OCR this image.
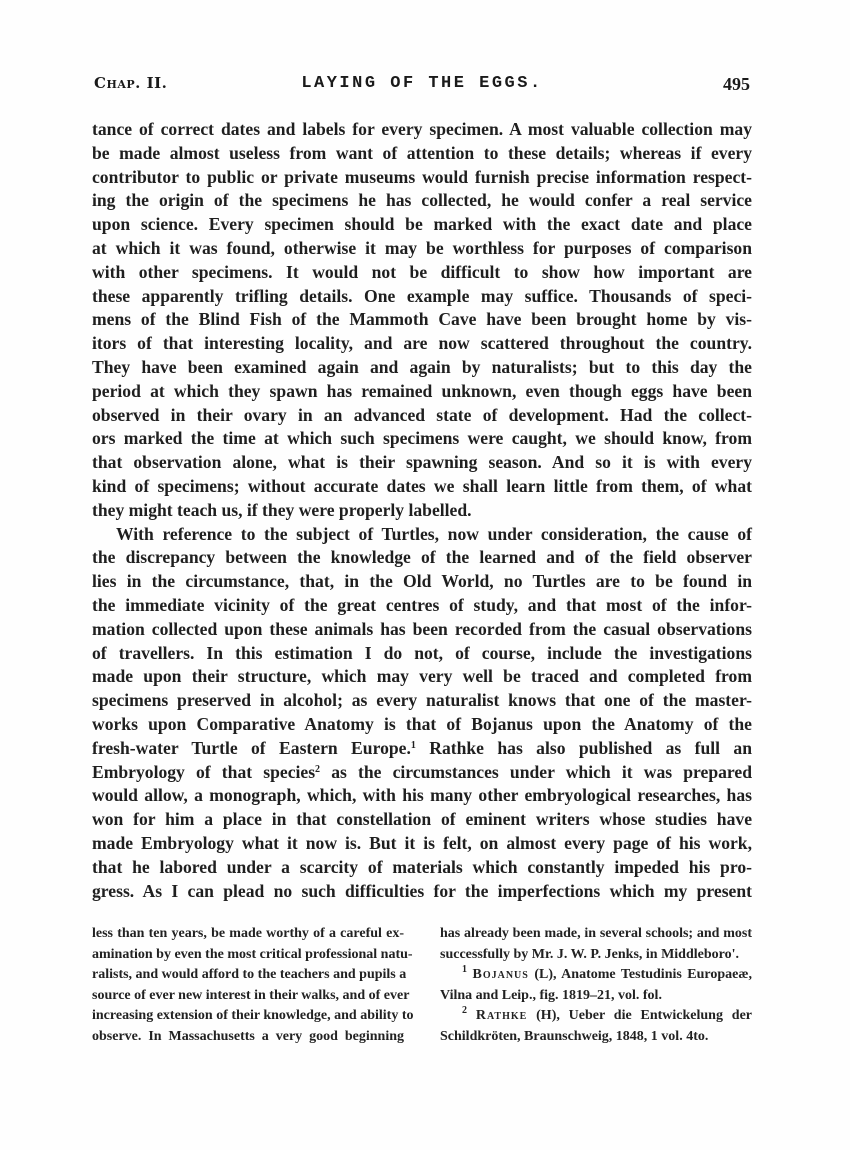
Chap. II.	LAYING OF THE EGGS.	495
tance of correct dates and labels for every specimen. A most valuable collection may
be made almost useless from want of attention to these details; whereas if every
contributor to public or private museums would furnish precise information respect-
ing the origin of the specimens he has collected, he would confer a real service
upon science. Every specimen should be marked with the exact date and place
at which it was found, otherwise it may be worthless for purposes of comparison
with other specimens. It would not be difficult to show how important are
these apparently trifling details. One example may suffice. Thousands of speci-
mens of the Blind Fish of the Mammoth Cave have been brought home by vis-
itors of that interesting locality, and are now scattered throughout the country.
They have been examined again and again by naturalists; but to this day the
period at which they spawn has remained unknown, even though eggs have been
observed in their ovary in an advanced state of development. Had the collect-
ors marked the time at which such specimens were caught, we should know, from
that observation alone, what is their spawning season. And so it is with every
kind of specimens; without accurate dates we shall learn little from them, of what
they might teach us, if they were properly labelled.
With reference to the subject of Turtles, now under consideration, the cause of
the discrepancy between the knowledge of the learned and of the field observer
lies in the circumstance, that, in the Old World, no Turtles are to be found in
the immediate vicinity of the great centres of study, and that most of the infor-
mation collected upon these animals has been recorded from the casual observations
of travellers. In this estimation I do not, of course, include the investigations
made upon their structure, which may very well be traced and completed from
specimens preserved in alcohol; as every naturalist knows that one of the master-
works upon Comparative Anatomy is that of Bojanus upon the Anatomy of the
fresh-water Turtle of Eastern Europe.$^1$ Rathke has also published as full an
Embryology of that species$^2$ as the circumstances under which it was prepared
would allow, a monograph, which, with his many other embryological researches, has
won for him a place in that constellation of eminent writers whose studies have
made Embryology what it now is. But it is felt, on almost every page of his work,
that he labored under a scarcity of materials which constantly impeded his pro-
gress. As I can plead no such difficulties for the imperfections which my present
less than ten years, be made worthy of a careful ex-
amination by even the most critical professional natu-
ralists, and would afford to the teachers and pupils a
source of ever new interest in their walks, and of ever
increasing extension of their knowledge, and ability to
observe. In Massachusetts a very good beginning
has already been made, in several schools; and most
successfully by Mr. J. W. P. Jenks, in Middleboro'.
$^1$ Bojanus (L), Anatome Testudinis Europaeæ,
Vilna and Leip., fig. 1819–21, vol. fol.
$^2$ Rathke (H), Ueber die Entwickelung der
Schildkröten, Braunschweig, 1848, 1 vol. 4to.
